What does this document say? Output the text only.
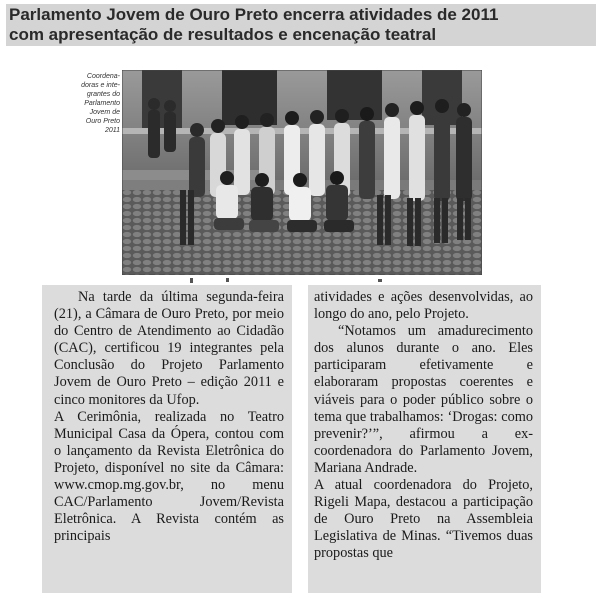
Parlamento Jovem de Ouro Preto encerra atividades de 2011
com apresentação de resultados e encenação teatral
Coordena-
doras e inte-
grantes do
Parlamento
Jovem de
Ouro Preto
2011

Na tarde da última segunda-feira (21), a Câmara de Ouro Preto, por meio do Centro de Atendimento ao Cidadão (CAC), certificou 19 integrantes pela Conclusão do Projeto Parlamento Jovem de Ouro Preto – edição 2011 e cinco monitores da Ufop.

A Cerimônia, realizada no Teatro Municipal Casa da Ópera, contou com o lançamento da Revista Eletrônica do Projeto, disponível no site da Câmara: www.cmop.mg.gov.br, no menu CAC/Parlamento Jovem/Revista Eletrônica. A Revista contém as principais

atividades e ações desenvolvidas, ao longo do ano, pelo Projeto.

“Notamos um amadurecimento dos alunos durante o ano. Eles participaram efetivamente e elaboraram propostas coerentes e viáveis para o poder público sobre o tema que trabalhamos: ‘Drogas: como prevenir?’”, afirmou a ex-coordenadora do Parlamento Jovem, Mariana Andrade.

A atual coordenadora do Projeto, Rigeli Mapa, destacou a participação de Ouro Preto na Assembleia Legislativa de Minas. “Tivemos duas propostas que
